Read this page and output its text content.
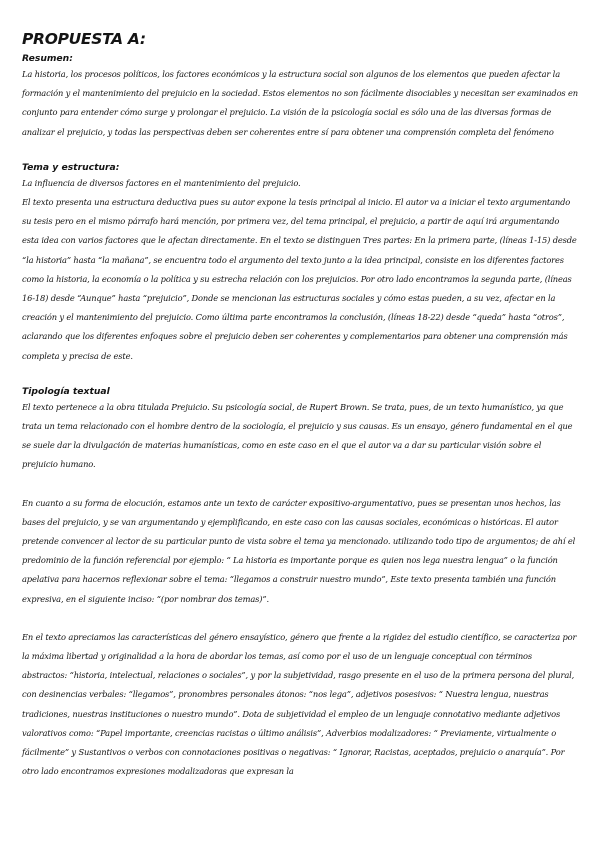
PROPUESTA A:
Resumen:

La historia, los procesos políticos, los factores económicos y la estructura social son algunos de los elementos que pueden afectar la formación y el mantenimiento del prejuicio en la sociedad. Estos elementos no son fácilmente disociables y necesitan ser examinados en conjunto para entender cómo surge y prolongar el prejuicio. La visión de la psicología social es sólo una de las diversas formas de analizar el prejuicio, y todas las perspectivas deben ser coherentes entre sí para obtener una comprensión completa del fenómeno

Tema y estructura:

La influencia de diversos factores en el mantenimiento del prejuicio.

El texto presenta una estructura deductiva pues su autor expone la tesis principal al inicio. El autor va a iniciar el texto argumentando su tesis pero en el mismo párrafo hará mención, por primera vez, del tema principal, el prejuicio, a partir de aquí irá argumentando esta idea con varios factores que le afectan directamente. En el texto se distinguen Tres partes: En la primera parte, (líneas 1-15) desde “la historia” hasta “la mañana”, se encuentra todo el argumento del texto junto a la idea principal, consiste en los diferentes factores como la historia, la economía o la política y su estrecha relación con los prejuicios. Por otro lado encontramos la segunda parte, (líneas 16-18) desde “Aunque” hasta “prejuicio”, Donde se mencionan las estructuras sociales y cómo estas pueden, a su vez, afectar en la creación y el mantenimiento del prejuicio. Como última parte encontramos la conclusión, (líneas 18-22) desde “queda” hasta “otros”, aclarando que los diferentes enfoques sobre el prejuicio deben ser coherentes y complementarios para obtener una comprensión más completa y precisa de este.

Tipología textual

El texto pertenece a la obra titulada Prejuicio. Su psicología social, de Rupert Brown. Se trata, pues, de un texto humanístico, ya que trata un tema relacionado con el hombre dentro de la sociología, el prejuicio y sus causas. Es un ensayo, género fundamental en el que se suele dar la divulgación de materias humanísticas, como en este caso en el que el autor va a dar su particular visión sobre el prejuicio humano.

En cuanto a su forma de elocución, estamos ante un texto de carácter expositivo-argumentativo, pues se presentan unos hechos, las bases del prejuicio, y se van argumentando y ejemplificando, en este caso con las causas sociales, económicas o históricas. El autor pretende convencer al lector de su particular punto de vista sobre el tema ya mencionado. utilizando todo tipo de argumentos; de ahí el predominio de la función referencial por ejemplo: “ La historia es importante porque es quien nos lega nuestra lengua” o la función apelativa para hacernos reflexionar sobre el tema: “llegamos a construir nuestro mundo”, Este texto presenta también una función expresiva, en el siguiente inciso: “(por nombrar dos temas)”.

En el texto apreciamos las características del género ensayístico, género que frente a la rigidez del estudio científico, se caracteriza por la máxima libertad y originalidad a la hora de abordar los temas, así como por el uso de un lenguaje conceptual con términos abstractos: “historia, intelectual, relaciones o sociales”, y por la subjetividad, rasgo presente en el uso de la primera persona del plural, con desinencias verbales: “llegamos”, pronombres personales átonos: “nos lega”, adjetivos posesivos: “ Nuestra lengua, nuestras tradiciones, nuestras instituciones o nuestro mundo”. Dota de subjetividad el empleo de un lenguaje connotativo mediante adjetivos valorativos como: “Papel importante, creencias racistas o último análisis”, Adverbios modalizadores: “ Previamente, virtualmente o fácilmente” y Sustantivos o verbos con connotaciones positivas o negativas: “ Ignorar, Racistas, aceptados, prejuicio o anarquía”. Por otro lado encontramos expresiones modalizadoras que expresan la
